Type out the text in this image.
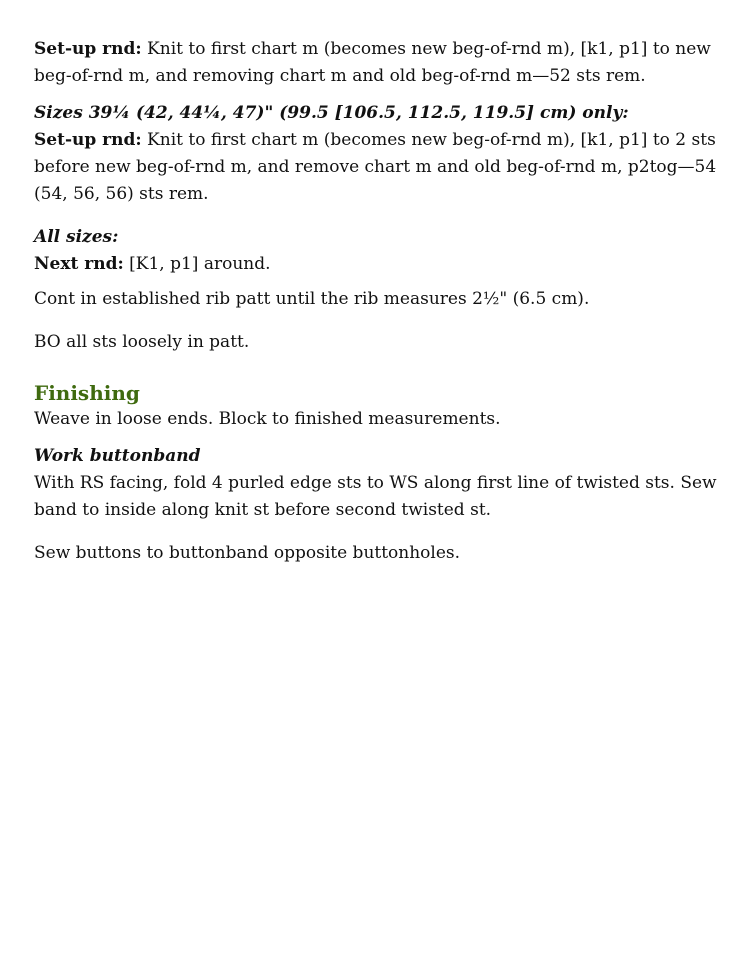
Set-up rnd: Knit to first chart m (becomes new beg-of-rnd m), [k1, p1] to new beg-of-rnd m, and removing chart m and old beg-of-rnd m—52 sts rem.

Sizes 39¼ (42, 44¼, 47)" (99.5 [106.5, 112.5, 119.5] cm) only:

Set-up rnd: Knit to first chart m (becomes new beg-of-rnd m), [k1, p1] to 2 sts before new beg-of-rnd m, and remove chart m and old beg-of-rnd m, p2tog—54 (54, 56, 56) sts rem.

All sizes:

Next rnd: [K1, p1] around.

Cont in established rib patt until the rib measures 2½" (6.5 cm).

BO all sts loosely in patt.

Finishing

Weave in loose ends. Block to finished measurements.

Work buttonband

With RS facing, fold 4 purled edge sts to WS along first line of twisted sts. Sew band to inside along knit st before second twisted st.

Sew buttons to buttonband opposite buttonholes.
